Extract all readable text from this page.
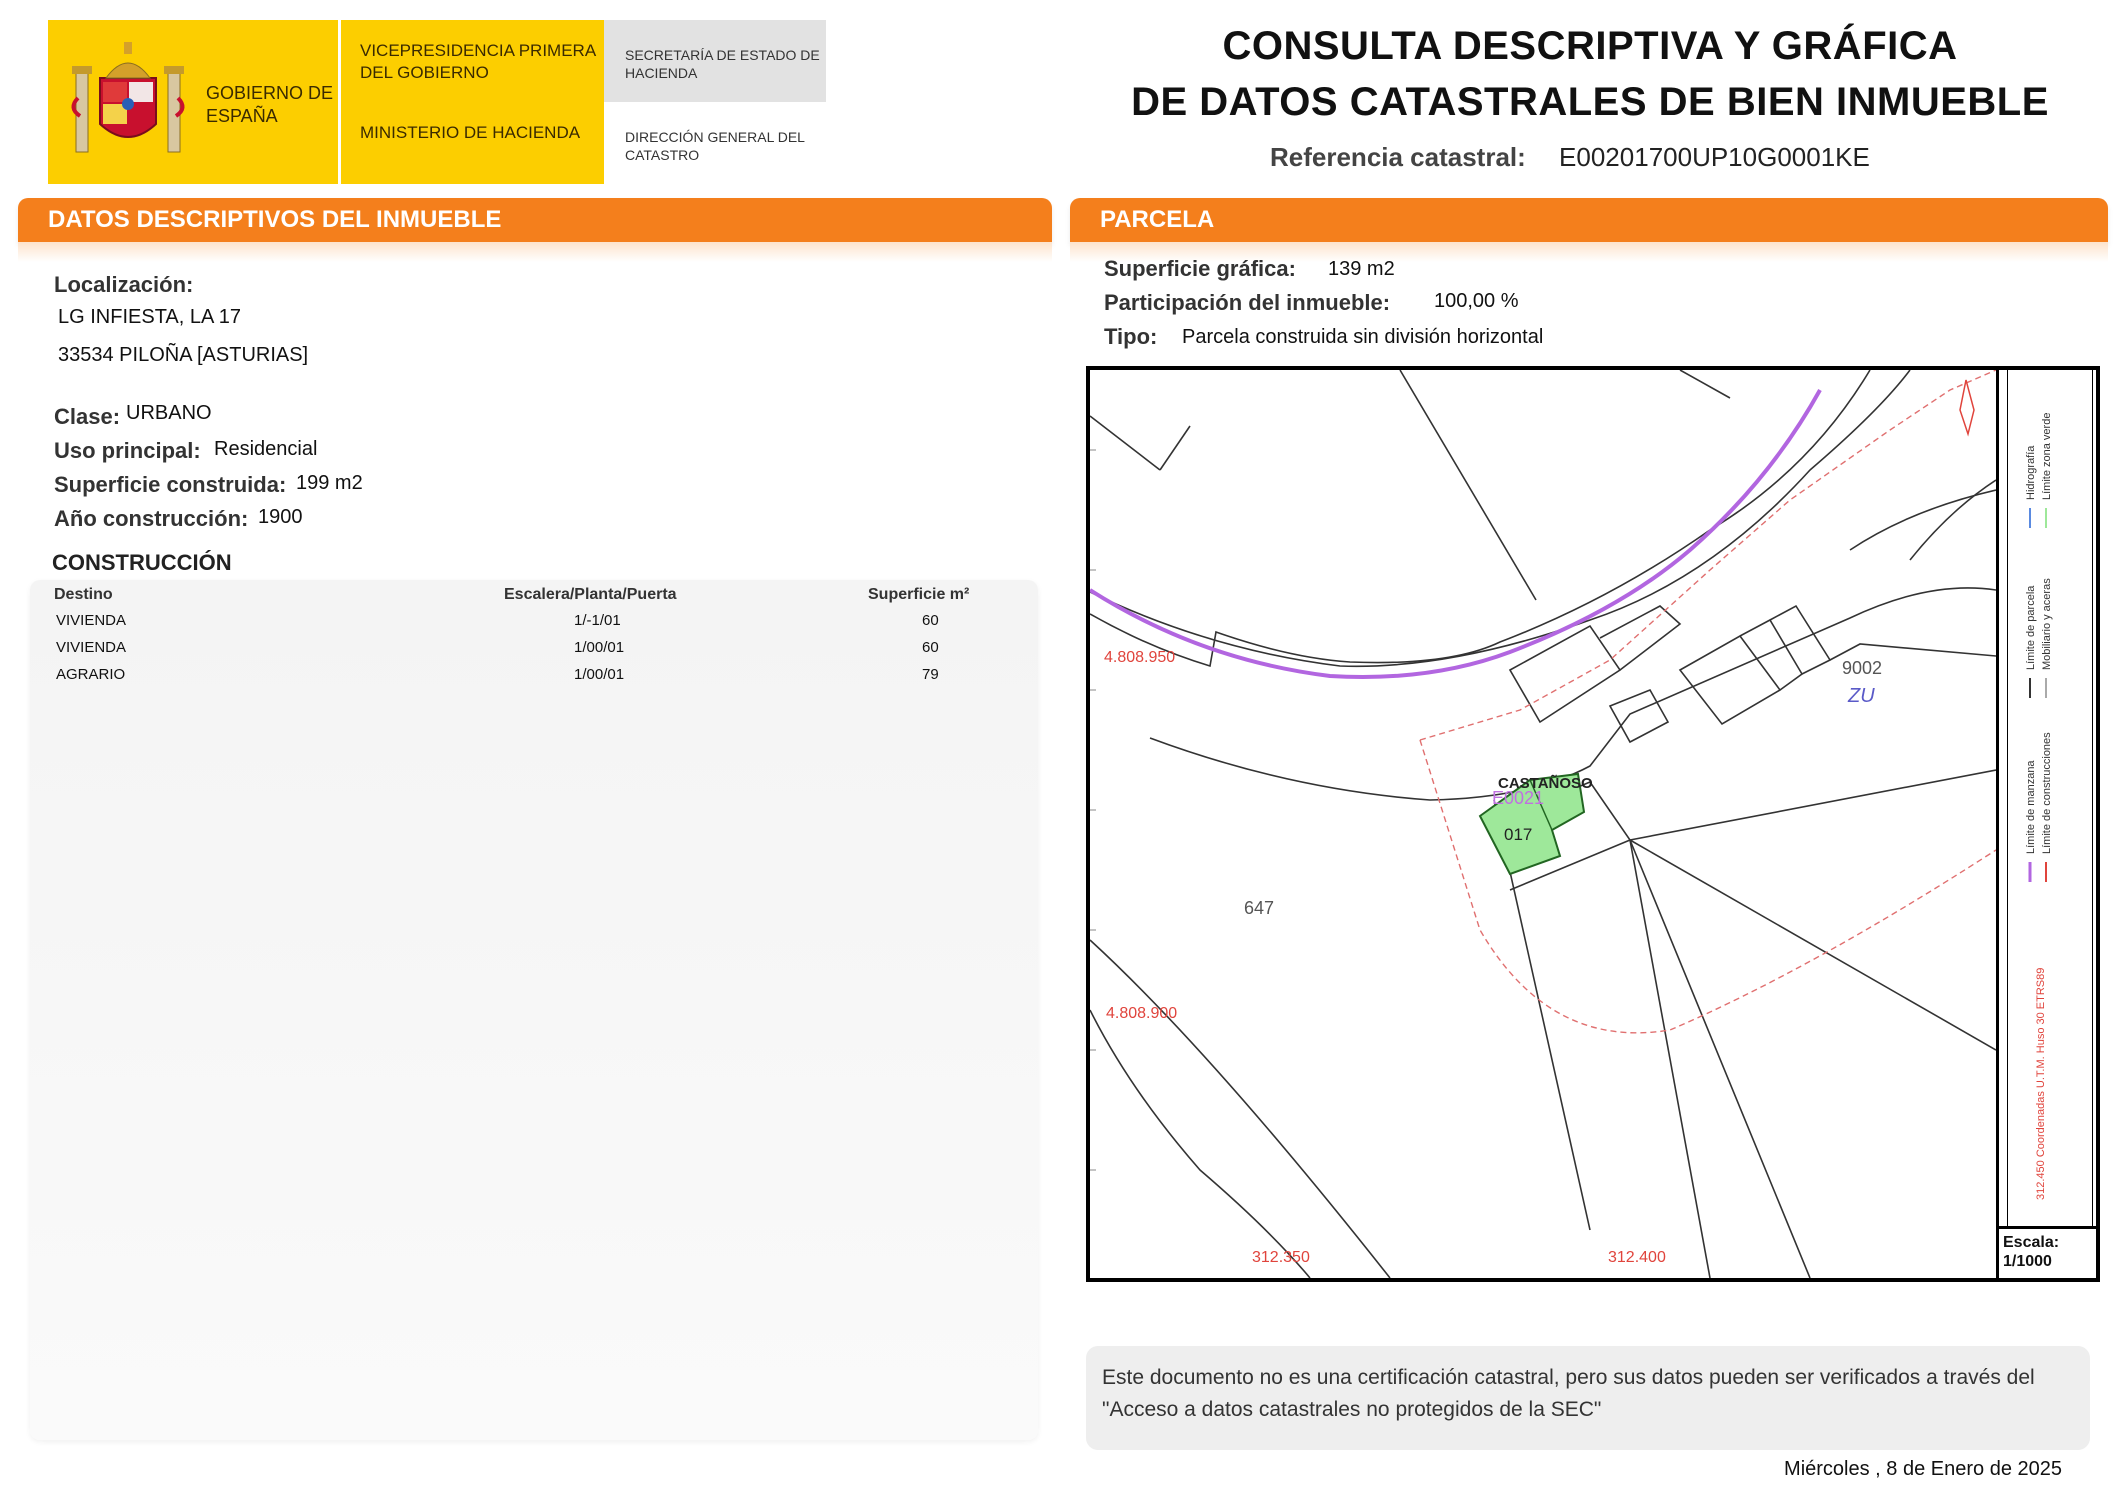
GOBIERNO DE ESPAÑA
VICEPRESIDENCIA PRIMERA DEL GOBIERNO
MINISTERIO DE HACIENDA
SECRETARÍA DE ESTADO DE HACIENDA
DIRECCIÓN GENERAL DEL CATASTRO
CONSULTA DESCRIPTIVA Y GRÁFICA
DE DATOS CATASTRALES DE BIEN INMUEBLE
Referencia catastral: E00201700UP10G0001KE
DATOS DESCRIPTIVOS DEL INMUEBLE
Localización:
LG INFIESTA, LA 17
33534 PILOÑA [ASTURIAS]
Clase: URBANO
Uso principal: Residencial
Superficie construida: 199 m2
Año construcción: 1900
CONSTRUCCIÓN
Destino	Escalera/Planta/Puerta	Superficie m²
VIVIENDA	1/-1/01	60
VIVIENDA	1/00/01	60
AGRARIO	1/00/01	79
PARCELA
Superficie gráfica: 139 m2
Participación del inmueble: 100,00 %
Tipo: Parcela construida sin división horizontal
4.808.950
4.808.900
312.350	312.400
9002
ZU
CASTAÑOSO
E0021
017
647
Límite de manzana Límite de construcciones
Límite de parcela Mobiliario y aceras
Hidrografía Límite zona verde
312.450 Coordenadas U.T.M. Huso 30 ETRS89
Escala:
1/1000
Este documento no es una certificación catastral, pero sus datos pueden ser verificados a través del "Acceso a datos catastrales no protegidos de la SEC"
Miércoles , 8 de Enero de 2025
